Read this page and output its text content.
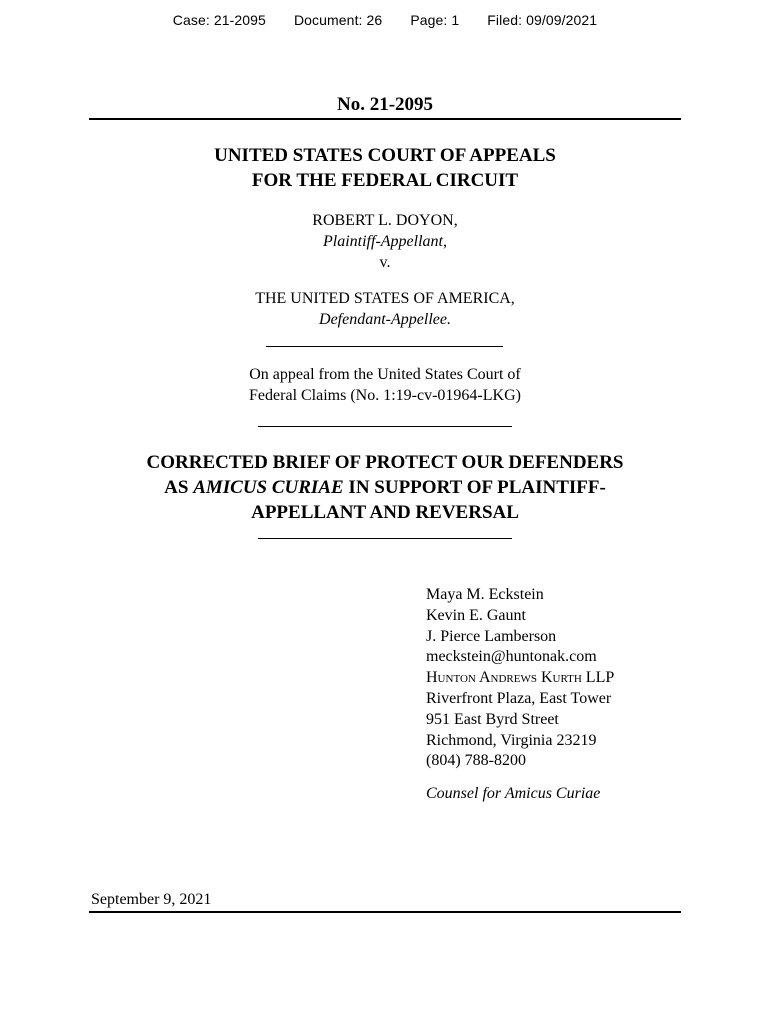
Case: 21-2095 Document: 26 Page: 1 Filed: 09/09/2021
No. 21-2095
UNITED STATES COURT OF APPEALS
FOR THE FEDERAL CIRCUIT
ROBERT L. DOYON,
Plaintiff-Appellant,
v.
THE UNITED STATES OF AMERICA,
Defendant-Appellee.
On appeal from the United States Court of
Federal Claims (No. 1:19-cv-01964-LKG)
CORRECTED BRIEF OF PROTECT OUR DEFENDERS
AS AMICUS CURIAE IN SUPPORT OF PLAINTIFF-
APPELLANT AND REVERSAL
Maya M. Eckstein
Kevin E. Gaunt
J. Pierce Lamberson
meckstein@huntonak.com
Hunton Andrews Kurth LLP
Riverfront Plaza, East Tower
951 East Byrd Street
Richmond, Virginia 23219
(804) 788-8200
Counsel for Amicus Curiae
September 9, 2021
